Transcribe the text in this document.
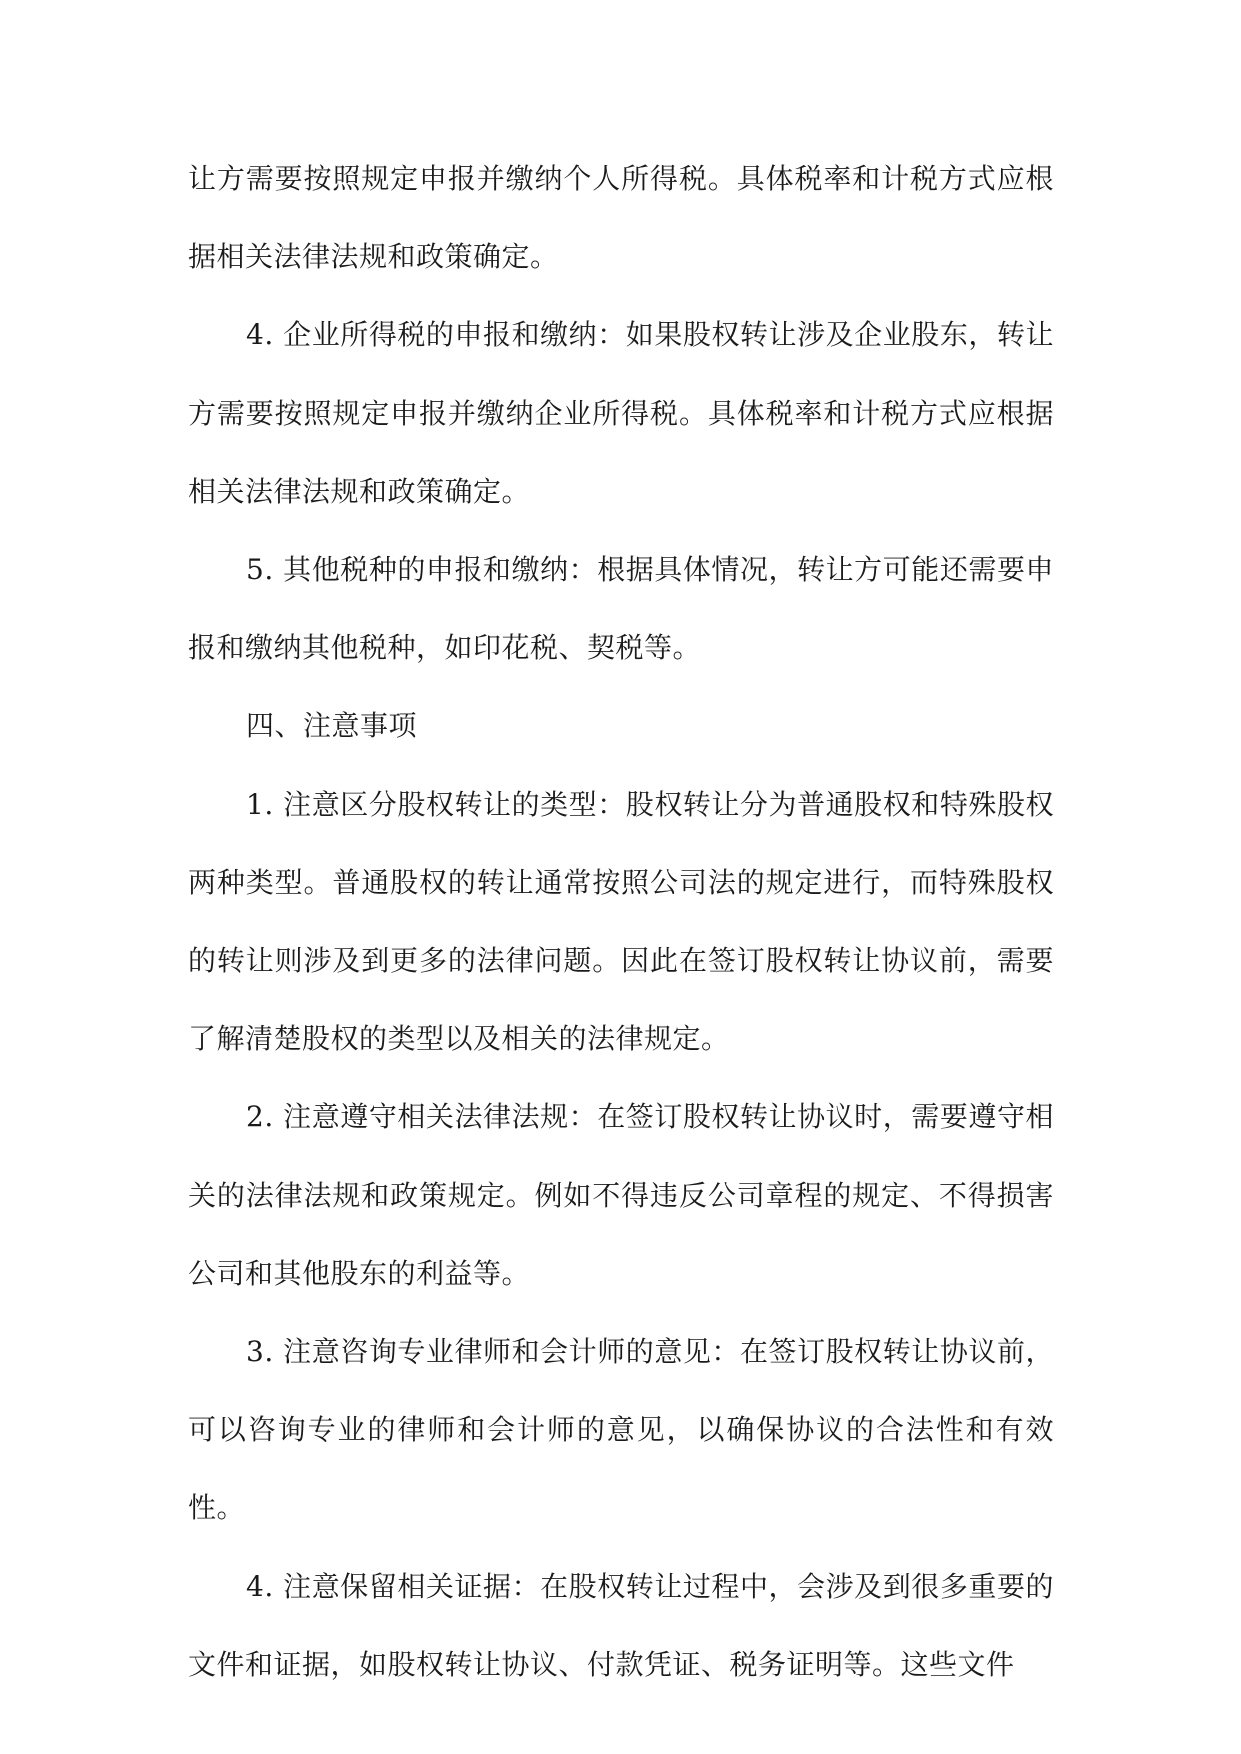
让方需要按照规定申报并缴纳个人所得税。具体税率和计税方式应根据相关法律法规和政策确定。

4. 企业所得税的申报和缴纳：如果股权转让涉及企业股东，转让方需要按照规定申报并缴纳企业所得税。具体税率和计税方式应根据相关法律法规和政策确定。

5. 其他税种的申报和缴纳：根据具体情况，转让方可能还需要申报和缴纳其他税种，如印花税、契税等。

四、注意事项

1. 注意区分股权转让的类型：股权转让分为普通股权和特殊股权两种类型。普通股权的转让通常按照公司法的规定进行，而特殊股权的转让则涉及到更多的法律问题。因此在签订股权转让协议前，需要了解清楚股权的类型以及相关的法律规定。

2. 注意遵守相关法律法规：在签订股权转让协议时，需要遵守相关的法律法规和政策规定。例如不得违反公司章程的规定、不得损害公司和其他股东的利益等。

3. 注意咨询专业律师和会计师的意见：在签订股权转让协议前，可以咨询专业的律师和会计师的意见，以确保协议的合法性和有效性。

4. 注意保留相关证据：在股权转让过程中，会涉及到很多重要的文件和证据，如股权转让协议、付款凭证、税务证明等。这些文件
